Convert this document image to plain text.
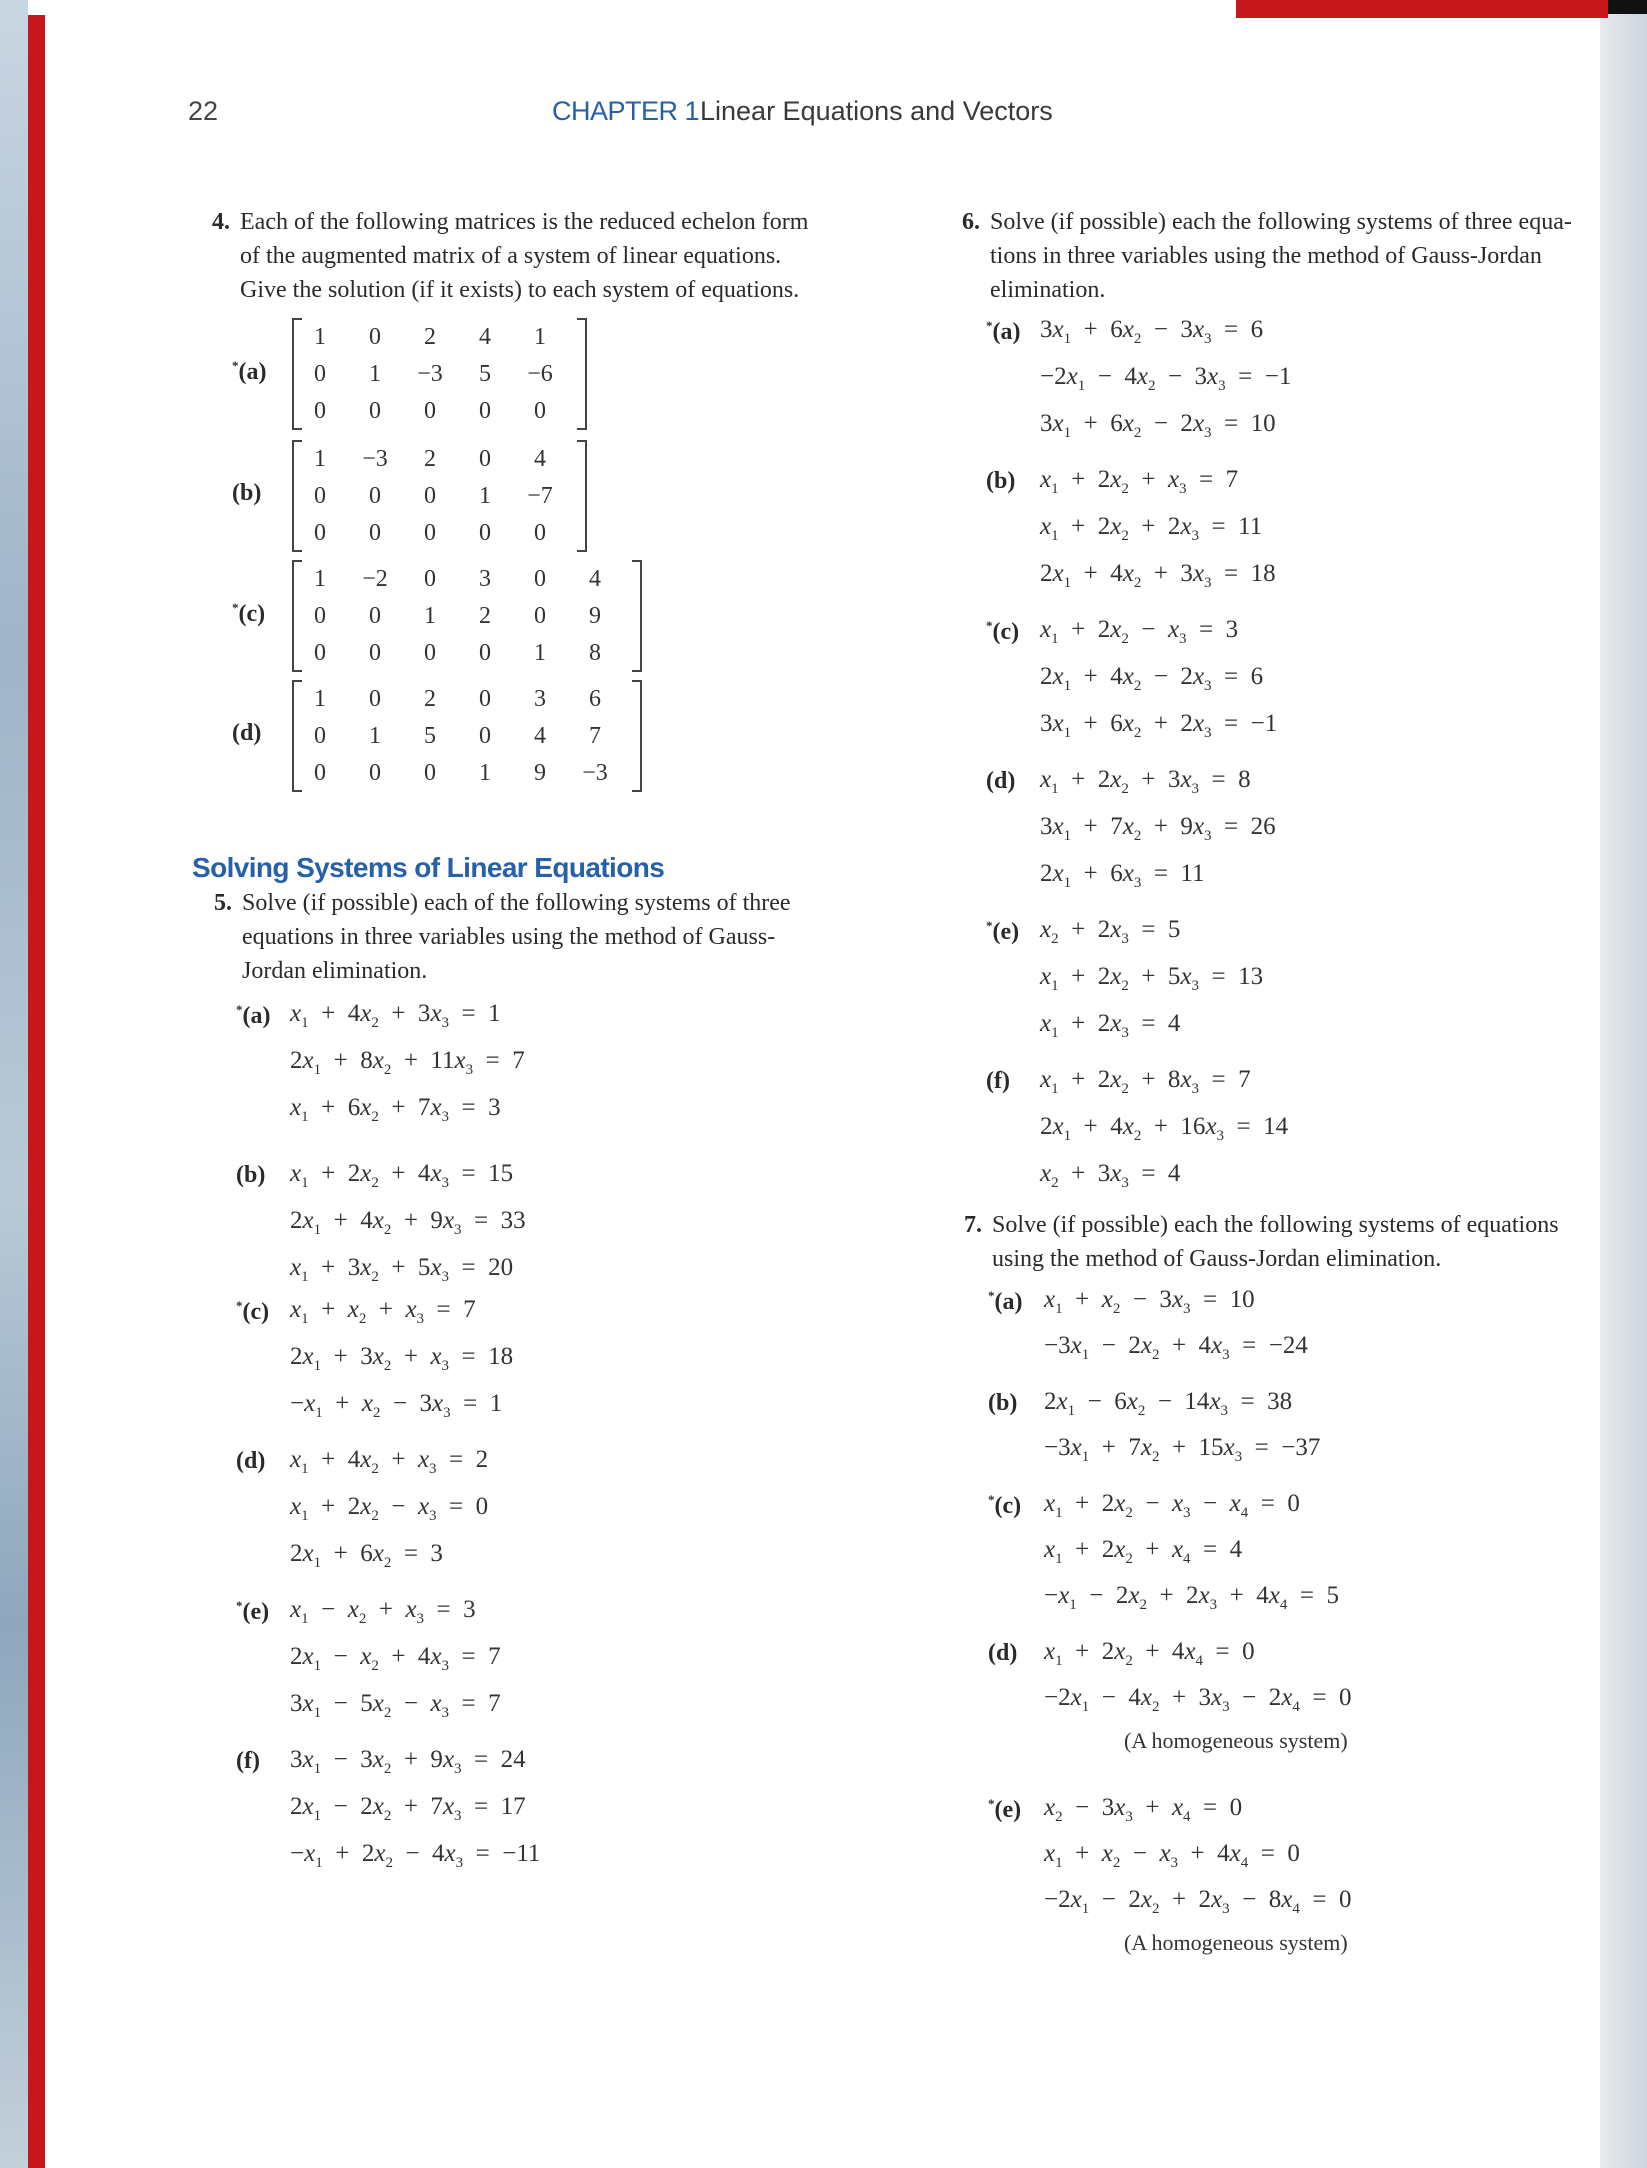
22	CHAPTER 1 Linear Equations and Vectors
4. Each of the following matrices is the reduced echelon form
of the augmented matrix of a system of linear equations.
Give the solution (if it exists) to each system of equations.
*(a)
1	0	2	4	1
0	1	−3	5	−6
0	0	0	0	0
(b)
1	−3	2	0	4
0	0	0	1	−7
0	0	0	0	0
*(c)
1	−2	0	3	0	4
0	0	1	2	0	9
0	0	0	0	1	8
(d)
1	0	2	0	3	6
0	1	5	0	4	7
0	0	0	1	9	−3
Solving Systems of Linear Equations
5. Solve (if possible) each of the following systems of three
equations in three variables using the method of Gauss-
Jordan elimination.
*(a) $x_1 + 4x_2 + 3x_3 = 1$
$2x_1 + 8x_2 + 11x_3 = 7$
$x_1 + 6x_2 + 7x_3 = 3$
(b) $x_1 + 2x_2 + 4x_3 = 15$
$2x_1 + 4x_2 + 9x_3 = 33$
$x_1 + 3x_2 + 5x_3 = 20$
*(c) $x_1 + x_2 + x_3 = 7$
$2x_1 + 3x_2 + x_3 = 18$
$-x_1 + x_2 - 3x_3 = 1$
(d) $x_1 + 4x_2 + x_3 = 2$
$x_1 + 2x_2 - x_3 = 0$
$2x_1 + 6x_2 = 3$
*(e) $x_1 - x_2 + x_3 = 3$
$2x_1 - x_2 + 4x_3 = 7$
$3x_1 - 5x_2 - x_3 = 7$
(f) $3x_1 - 3x_2 + 9x_3 = 24$
$2x_1 - 2x_2 + 7x_3 = 17$
$-x_1 + 2x_2 - 4x_3 = -11$
6. Solve (if possible) each the following systems of three equa-
tions in three variables using the method of Gauss-Jordan
elimination.
*(a) $3x_1 + 6x_2 - 3x_3 = 6$
$-2x_1 - 4x_2 - 3x_3 = -1$
$3x_1 + 6x_2 - 2x_3 = 10$
(b) $x_1 + 2x_2 + x_3 = 7$
$x_1 + 2x_2 + 2x_3 = 11$
$2x_1 + 4x_2 + 3x_3 = 18$
*(c) $x_1 + 2x_2 - x_3 = 3$
$2x_1 + 4x_2 - 2x_3 = 6$
$3x_1 + 6x_2 + 2x_3 = -1$
(d) $x_1 + 2x_2 + 3x_3 = 8$
$3x_1 + 7x_2 + 9x_3 = 26$
$2x_1 + 6x_3 = 11$
*(e) $x_2 + 2x_3 = 5$
$x_1 + 2x_2 + 5x_3 = 13$
$x_1 + 2x_3 = 4$
(f) $x_1 + 2x_2 + 8x_3 = 7$
$2x_1 + 4x_2 + 16x_3 = 14$
$x_2 + 3x_3 = 4$
7. Solve (if possible) each the following systems of equations
using the method of Gauss-Jordan elimination.
*(a) $x_1 + x_2 - 3x_3 = 10$
$-3x_1 - 2x_2 + 4x_3 = -24$
(b) $2x_1 - 6x_2 - 14x_3 = 38$
$-3x_1 + 7x_2 + 15x_3 = -37$
*(c) $x_1 + 2x_2 - x_3 - x_4 = 0$
$x_1 + 2x_2 + x_4 = 4$
$-x_1 - 2x_2 + 2x_3 + 4x_4 = 5$
(d) $x_1 + 2x_2 + 4x_4 = 0$
$-2x_1 - 4x_2 + 3x_3 - 2x_4 = 0$
(A homogeneous system)
*(e) $x_2 - 3x_3 + x_4 = 0$
$x_1 + x_2 - x_3 + 4x_4 = 0$
$-2x_1 - 2x_2 + 2x_3 - 8x_4 = 0$
(A homogeneous system)
